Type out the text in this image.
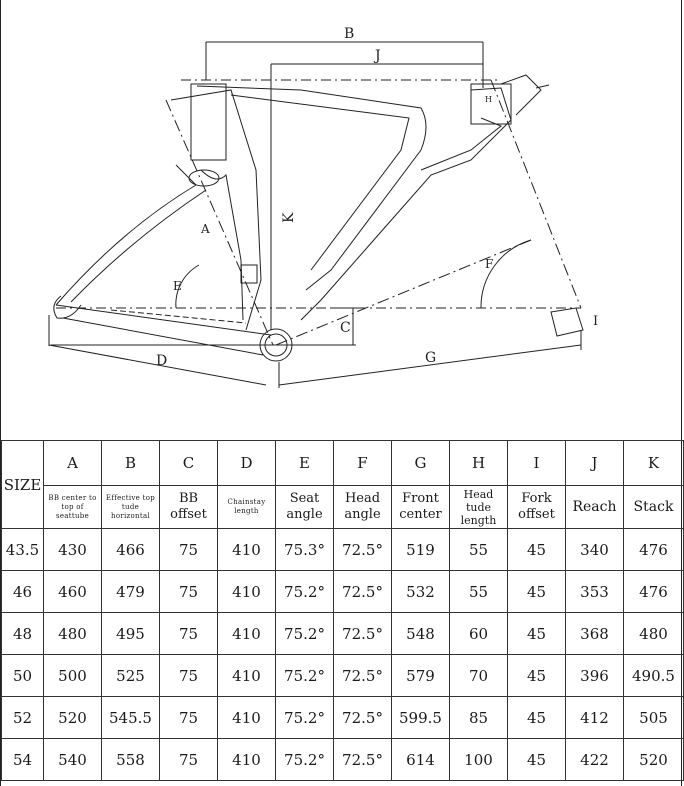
B
J
C
K
A
E
F
I
D	G
H
SIZE	A	B	C	D	E	F	G	H	I	J	K
	BB center to top of seattube	Effective top tude horizontal	BB offset	Chainstay length	Seat angle	Head angle	Front center	Head tude length	Fork offset	Reach	Stack
43.5	430	466	75	410	75.3°	72.5°	519	55	45	340	476
46	460	479	75	410	75.2°	72.5°	532	55	45	353	476
48	480	495	75	410	75.2°	72.5°	548	60	45	368	480
50	500	525	75	410	75.2°	72.5°	579	70	45	396	490.5
52	520	545.5	75	410	75.2°	72.5°	599.5	85	45	412	505
54	540	558	75	410	75.2°	72.5°	614	100	45	422	520
